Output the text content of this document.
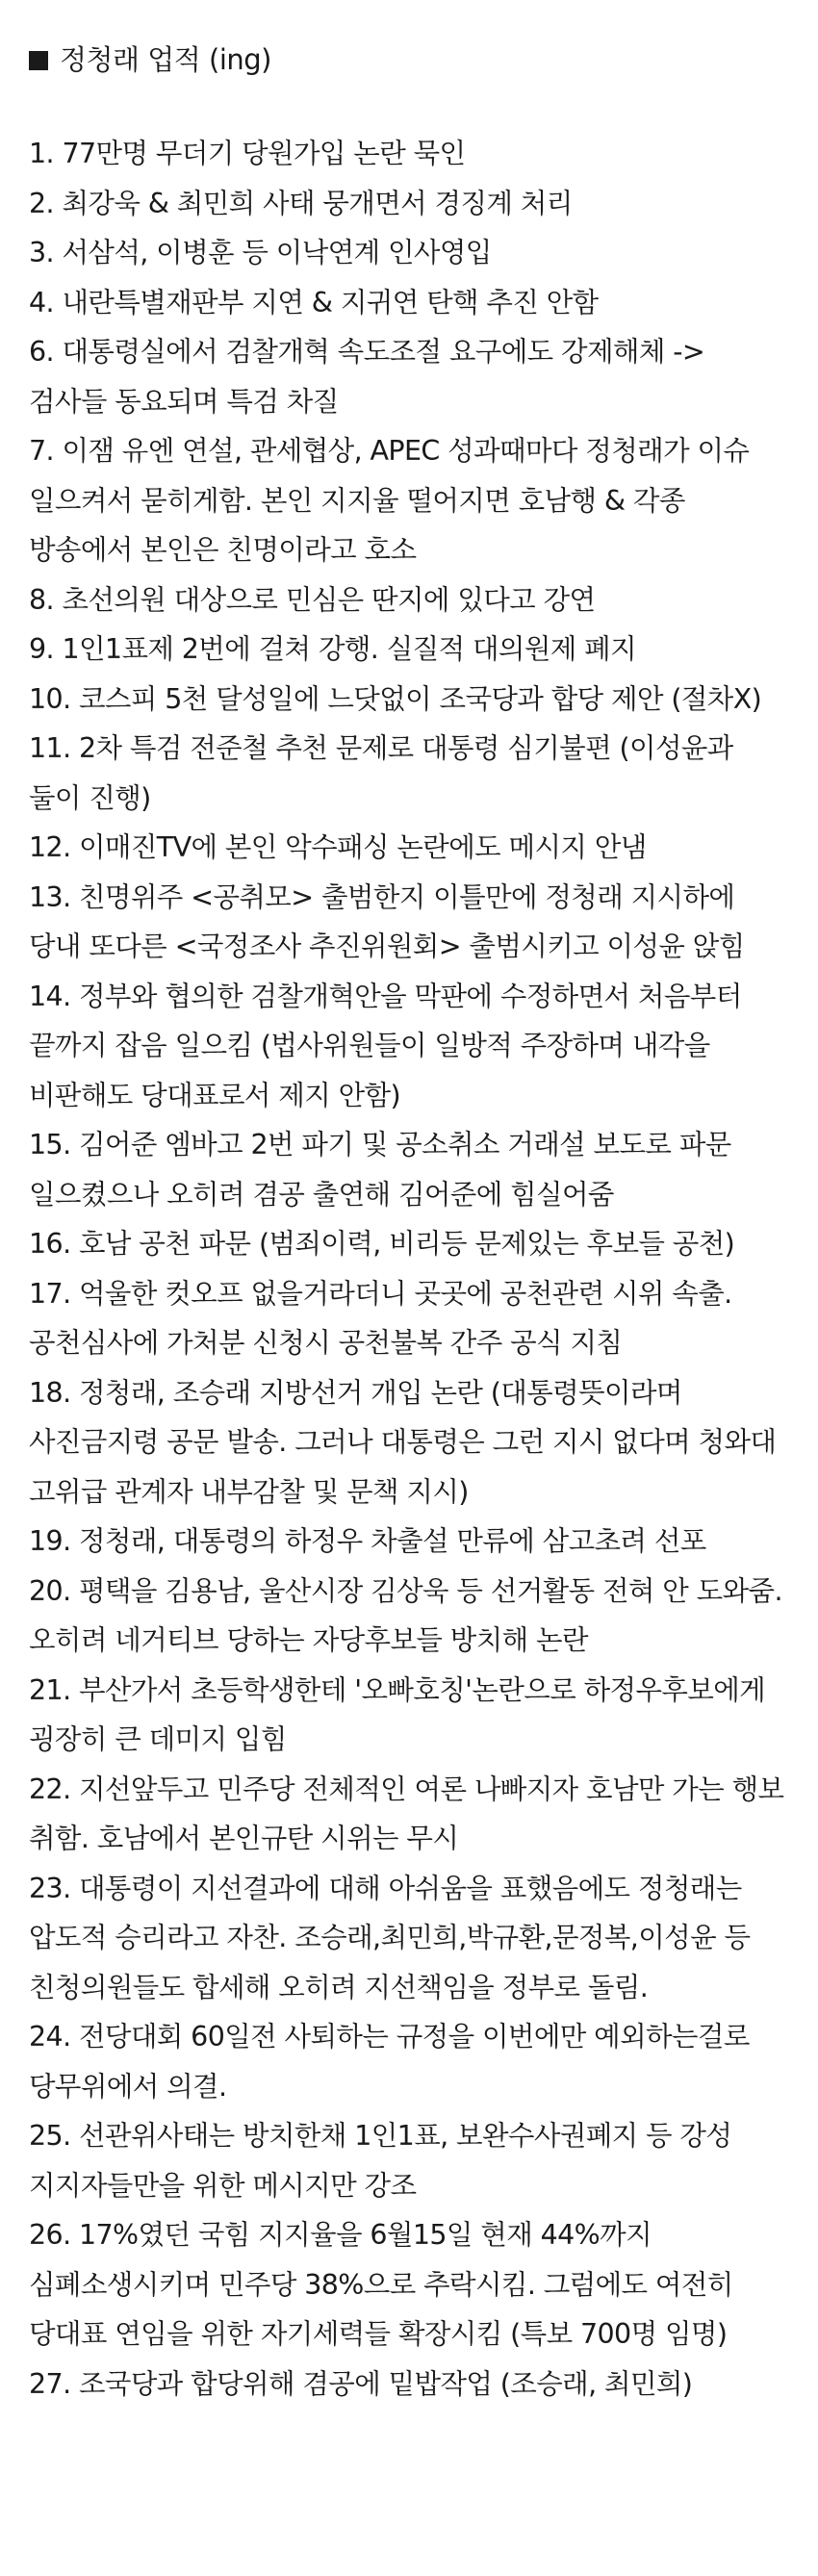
정청래 업적 (ing)
1. 77만명 무더기 당원가입 논란 묵인
2. 최강욱 & 최민희 사태 뭉개면서 경징계 처리
3. 서삼석, 이병훈 등 이낙연계 인사영입
4. 내란특별재판부 지연 & 지귀연 탄핵 추진 안함
6. 대통령실에서 검찰개혁 속도조절 요구에도 강제해체 -> 검사들 동요되며 특검 차질
7. 이잼 유엔 연설, 관세협상, APEC 성과때마다 정청래가 이슈 일으켜서 묻히게함. 본인 지지율 떨어지면 호남행 & 각종 방송에서 본인은 친명이라고 호소
8. 초선의원 대상으로 민심은 딴지에 있다고 강연
9. 1인1표제 2번에 걸쳐 강행. 실질적 대의원제 폐지
10. 코스피 5천 달성일에 느닷없이 조국당과 합당 제안 (절차X)
11. 2차 특검 전준철 추천 문제로 대통령 심기불편 (이성윤과 둘이 진행)
12. 이매진TV에 본인 악수패싱 논란에도 메시지 안냄
13. 친명위주 <공취모> 출범한지 이틀만에 정청래 지시하에 당내 또다른 <국정조사 추진위원회> 출범시키고 이성윤 앉힘
14. 정부와 협의한 검찰개혁안을 막판에 수정하면서 처음부터 끝까지 잡음 일으킴 (법사위원들이 일방적 주장하며 내각을 비판해도 당대표로서 제지 안함)
15. 김어준 엠바고 2번 파기 및 공소취소 거래설 보도로 파문 일으켰으나 오히려 겸공 출연해 김어준에 힘실어줌
16. 호남 공천 파문 (범죄이력, 비리등 문제있는 후보들 공천)
17. 억울한 컷오프 없을거라더니 곳곳에 공천관련 시위 속출. 공천심사에 가처분 신청시 공천불복 간주 공식 지침
18. 정청래, 조승래 지방선거 개입 논란 (대통령뜻이라며 사진금지령 공문 발송. 그러나 대통령은 그런 지시 없다며 청와대 고위급 관계자 내부감찰 및 문책 지시)
19. 정청래, 대통령의 하정우 차출설 만류에 삼고초려 선포
20. 평택을 김용남, 울산시장 김상욱 등 선거활동 전혀 안 도와줌. 오히려 네거티브 당하는 자당후보들 방치해 논란
21. 부산가서 초등학생한테 '오빠호칭'논란으로 하정우후보에게 굉장히 큰 데미지 입힘
22. 지선앞두고 민주당 전체적인 여론 나빠지자 호남만 가는 행보 취함. 호남에서 본인규탄 시위는 무시
23. 대통령이 지선결과에 대해 아쉬움을 표했음에도 정청래는 압도적 승리라고 자찬. 조승래,최민희,박규환,문정복,이성윤 등 친청의원들도 합세해 오히려 지선책임을 정부로 돌림.
24. 전당대회 60일전 사퇴하는 규정을 이번에만 예외하는걸로 당무위에서 의결.
25. 선관위사태는 방치한채 1인1표, 보완수사권폐지 등 강성 지지자들만을 위한 메시지만 강조
26. 17%였던 국힘 지지율을 6월15일 현재 44%까지 심폐소생시키며 민주당 38%으로 추락시킴. 그럼에도 여전히 당대표 연임을 위한 자기세력들 확장시킴 (특보 700명 임명)
27. 조국당과 합당위해 겸공에 밑밥작업 (조승래, 최민희)
